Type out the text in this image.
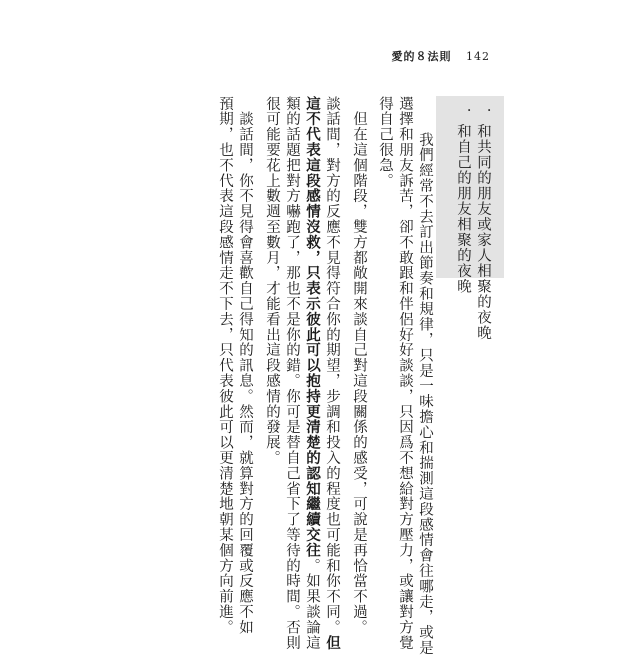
愛的８法則 142
．和共同的朋友或家人相聚的夜晚
．和自己的朋友相聚的夜晚
我們經常不去訂出節奏和規律，只是一味擔心和揣測這段感情會往哪走，或是
選擇和朋友訴苦，卻不敢跟和伴侶好好談談，只因爲不想給對方壓力，或讓對方覺
得自己很急。
　但在這個階段，雙方都敞開來談自己對這段關係的感受，可說是再恰當不過。
談話間，對方的反應不見得符合你的期望，步調和投入的程度也可能和你不同。但
這不代表這段感情沒救，只表示彼此可以抱持更清楚的認知繼續交往。如果談論這
類的話題把對方嚇跑了，那也不是你的錯。你可是替自己省下了等待的時間。否則
很可能要花上數週至數月，才能看出這段感情的發展。
　談話間，你不見得會喜歡自己得知的訊息。然而，就算對方的回覆或反應不如
預期，也不代表這段感情走不下去，只代表彼此可以更清楚地朝某個方向前進。
